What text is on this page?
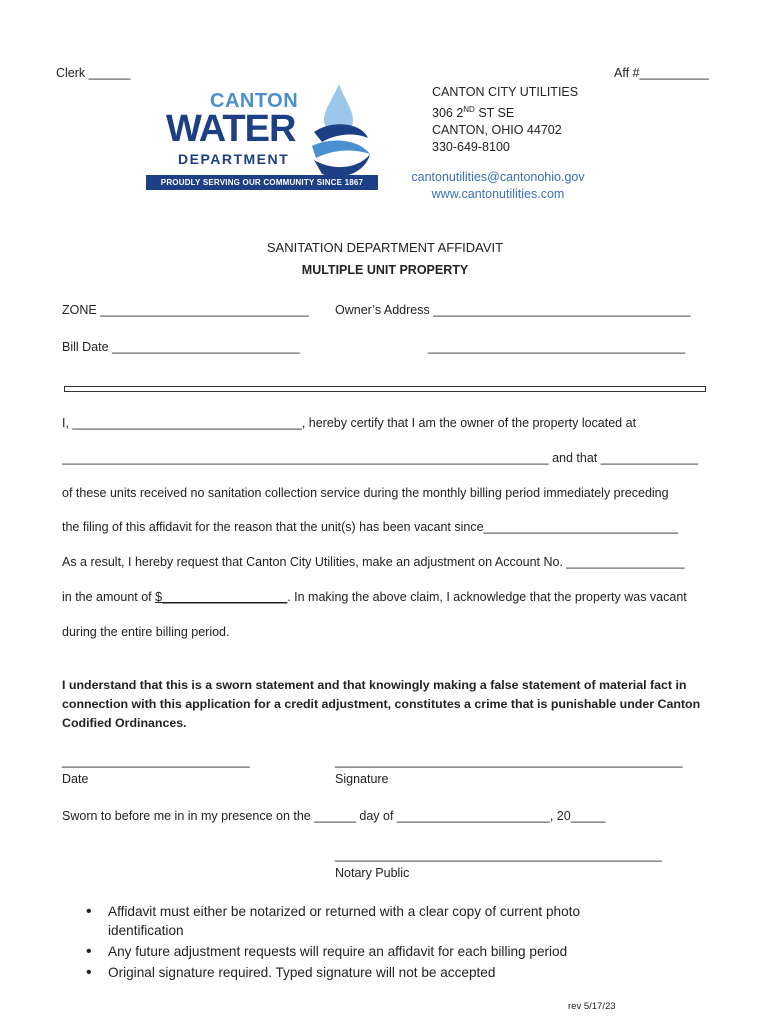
Clerk ______	Aff #__________
CANTON
WATER
DEPARTMENT
PROUDLY SERVING OUR COMMUNITY SINCE 1867
CANTON CITY UTILITIES
306 2ND ST SE
CANTON, OHIO 44702
330-649-8100
cantonutilities@cantonohio.gov
www.cantonutilities.com
SANITATION DEPARTMENT AFFIDAVIT
MULTIPLE UNIT PROPERTY
ZONE ______________________________ Owner’s Address _____________________________________
Bill Date ___________________________	_____________________________________
I, _________________________________, hereby certify that I am the owner of the property located at
______________________________________________________________________ and that ______________
of these units received no sanitation collection service during the monthly billing period immediately preceding
the filing of this affidavit for the reason that the unit(s) has been vacant since____________________________
As a result, I hereby request that Canton City Utilities, make an adjustment on Account No. _________________
in the amount of $__________________. In making the above claim, I acknowledge that the property was vacant
during the entire billing period.
I understand that this is a sworn statement and that knowingly making a false statement of material fact in connection with this application for a credit adjustment, constitutes a crime that is punishable under Canton Codified Ordinances.
___________________________
Date
__________________________________________________
Signature
Sworn to before me in in my presence on the ______ day of ______________________, 20_____
_______________________________________________
Notary Public
• Affidavit must either be notarized or returned with a clear copy of current photo identification
• Any future adjustment requests will require an affidavit for each billing period
• Original signature required. Typed signature will not be accepted
rev 5/17/23
